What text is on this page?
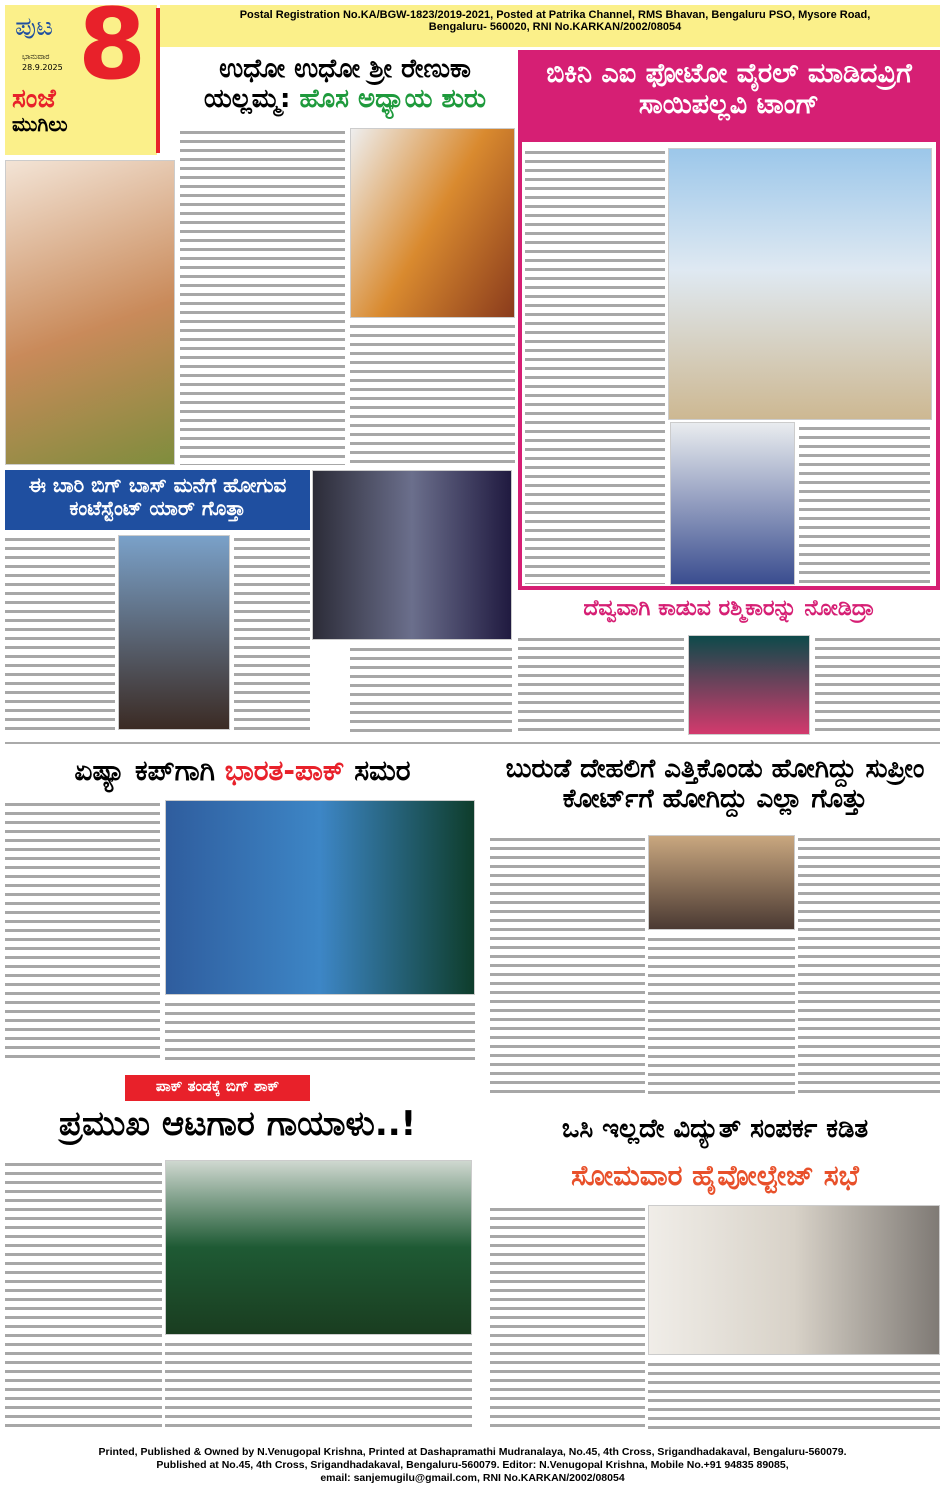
ಪುಟ 8
ಭಾನುವಾರ
28.9.2025
ಸಂಜೆ
ಮುಗಿಲು
Postal Registration No.KA/BGW-1823/2019-2021, Posted at Patrika Channel, RMS Bhavan, Bengaluru PSO, Mysore Road, Bengaluru- 560020, RNI No.KARKAN/2002/08054
ಉಧೋ ಉಧೋ ಶ್ರೀ ರೇಣುಕಾ ಯಲ್ಲಮ್ಮ: ಹೊಸ ಅಧ್ಯಾಯ ಶುರು
ಬಿಕಿನಿ ಎಐ ಫೋಟೋ ವೈರಲ್ ಮಾಡಿದವ್ರಿಗೆ ಸಾಯಿಪಲ್ಲವಿ ಟಾಂಗ್
ಈ ಬಾರಿ ಬಿಗ್ ಬಾಸ್ ಮನೆಗೆ ಹೋಗುವ ಕಂಟೆಸ್ಟೆಂಟ್ ಯಾರ್ ಗೊತ್ತಾ
ದೆವ್ವವಾಗಿ ಕಾಡುವ ರಶ್ಮಿಕಾರನ್ನು ನೋಡಿದ್ರಾ
ಏಷ್ಯಾ ಕಪ್‌ಗಾಗಿ ಭಾರತ-ಪಾಕ್ ಸಮರ	ಬುರುಡೆ ದೇಹಲಿಗೆ ಎತ್ತಿಕೊಂಡು ಹೋಗಿದ್ದು ಸುಪ್ರೀಂ ಕೋರ್ಟ್‌ಗೆ ಹೋಗಿದ್ದು ಎಲ್ಲಾ ಗೊತ್ತು
ಪಾಕ್ ತಂಡಕ್ಕೆ ಬಿಗ್ ಶಾಕ್
ಪ್ರಮುಖ ಆಟಗಾರ ಗಾಯಾಳು..!	ಒಸಿ ಇಲ್ಲದೇ ವಿದ್ಯುತ್ ಸಂಪರ್ಕ ಕಡಿತ
ಸೋಮವಾರ ಹೈವೋಲ್ಟೇಜ್ ಸಭೆ
Printed, Published & Owned by N.Venugopal Krishna, Printed at Dashapramathi Mudranalaya, No.45, 4th Cross, Srigandhadakaval, Bengaluru-560079.
Published at No.45, 4th Cross, Srigandhadakaval, Bengaluru-560079. Editor: N.Venugopal Krishna, Mobile No.+91 94835 89085,
email: sanjemugilu@gmail.com, RNI No.KARKAN/2002/08054
